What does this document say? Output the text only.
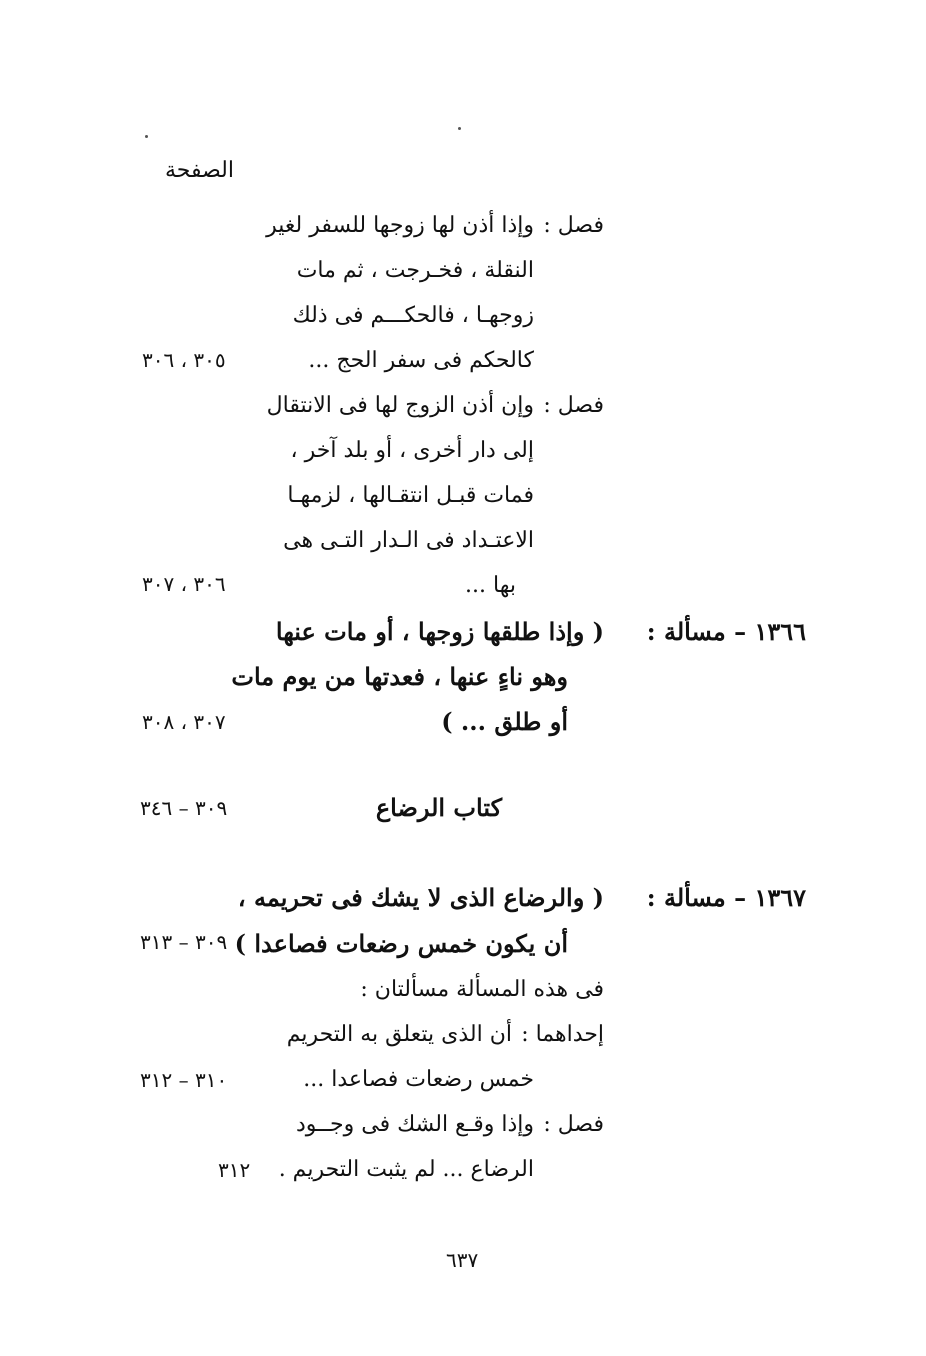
الصفحة
فصل :
وإذا أذن لها زوجها للسفر لغير
النقلة ، فخـرجت ، ثم مات
زوجهـا ، فالحكـــم فى ذلك
كالحكم فى سفر الحج ...
٣٠٥ ، ٣٠٦
فصل :
وإن أذن الزوج لها فى الانتقال
إلى دار أخرى ، أو بلد آخر ،
فمات قبـل انتقـالها ، لزمهـا
الاعتـداد فى الـدار التـى هى
بها ...
٣٠٦ ، ٣٠٧
١٣٦٦ – مسألة :
( وإذا طلقها زوجها ، أو مات عنها
وهو ناءٍ عنها ، فعدتها من يوم مات
أو طلق ... )
٣٠٧ ، ٣٠٨
كتاب الرضاع
٣٠٩ – ٣٤٦
١٣٦٧ – مسألة :
( والرضاع الذى لا يشك فى تحريمه ،
أن يكون خمس رضعات فصاعدا )
٣٠٩ – ٣١٣
فى هذه المسألة مسألتان :
إحداهما :
أن الذى يتعلق به التحريم
خمس رضعات فصاعدا ...
٣١٠ – ٣١٢
فصل :
وإذا وقـع الشك فى وجــود
الرضاع ... لم يثبت التحريم .
٣١٢
٦٣٧
